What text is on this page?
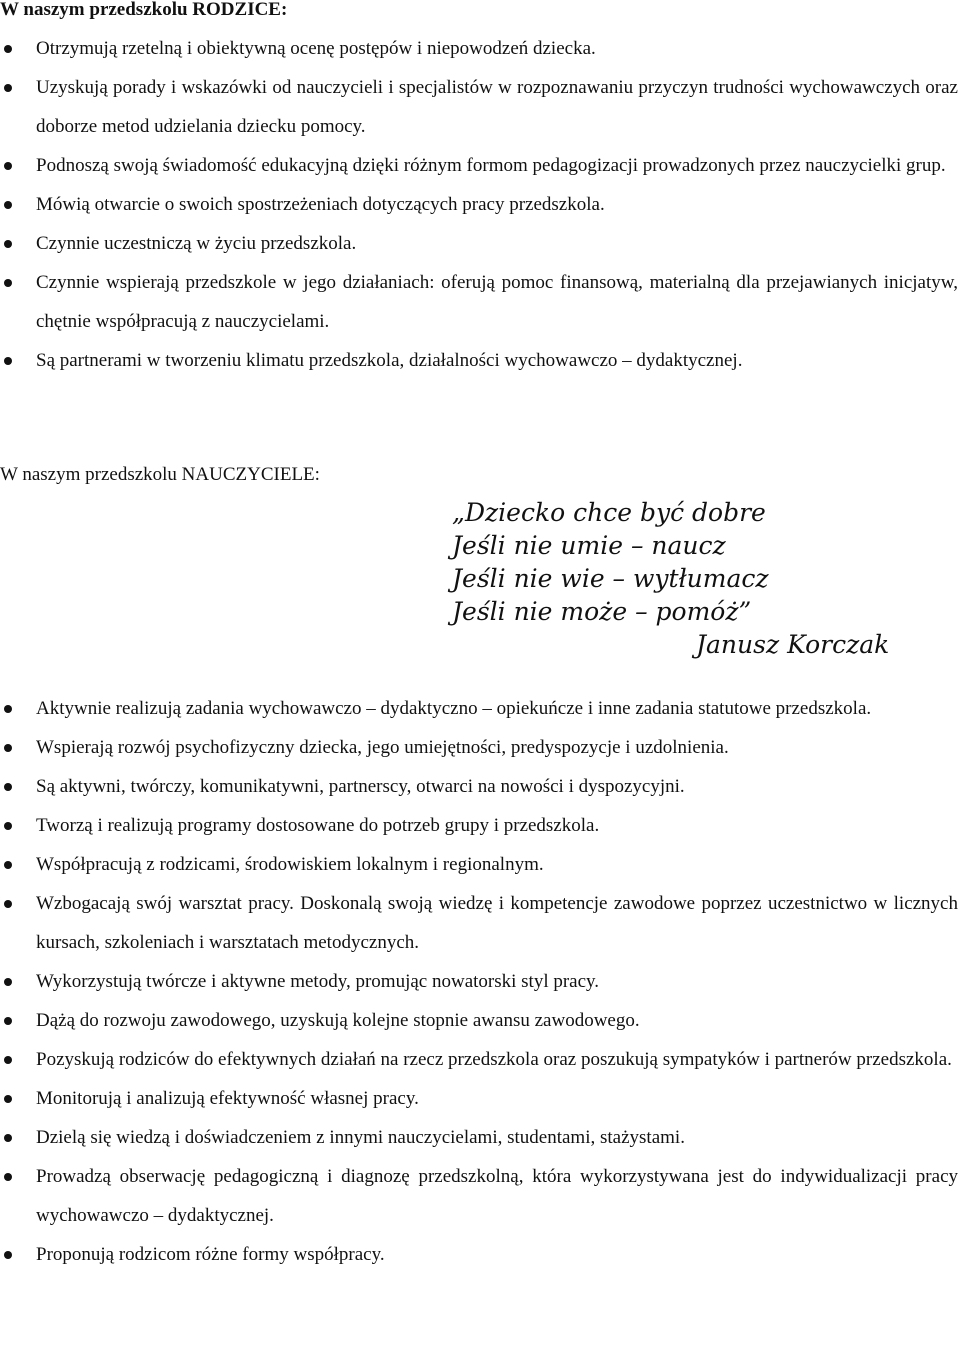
W naszym przedszkolu RODZICE:
Otrzymują rzetelną i obiektywną ocenę postępów i niepowodzeń dziecka.
Uzyskują porady i wskazówki od nauczycieli i specjalistów w rozpoznawaniu przyczyn trudności wychowawczych oraz doborze metod udzielania dziecku pomocy.
Podnoszą swoją świadomość edukacyjną dzięki różnym formom pedagogizacji prowadzonych przez nauczycielki grup.
Mówią otwarcie o swoich spostrzeżeniach dotyczących pracy przedszkola.
Czynnie uczestniczą w życiu przedszkola.
Czynnie wspierają przedszkole w jego działaniach: oferują pomoc finansową, materialną dla przejawianych inicjatyw, chętnie współpracują z nauczycielami.
Są partnerami w tworzeniu klimatu przedszkola, działalności wychowawczo – dydaktycznej.
W naszym przedszkolu NAUCZYCIELE:
„Dziecko chce być dobre
Jeśli nie umie – naucz
Jeśli nie wie – wytłumacz
Jeśli nie może – pomóż”
Janusz Korczak
Aktywnie realizują zadania wychowawczo – dydaktyczno – opiekuńcze i inne zadania statutowe przedszkola.
Wspierają rozwój psychofizyczny dziecka, jego umiejętności, predyspozycje i uzdolnienia.
Są aktywni, twórczy, komunikatywni, partnerscy, otwarci na nowości i dyspozycyjni.
Tworzą i realizują programy dostosowane do potrzeb grupy i przedszkola.
Współpracują z rodzicami, środowiskiem lokalnym i regionalnym.
Wzbogacają swój warsztat pracy. Doskonalą swoją wiedzę i kompetencje zawodowe poprzez uczestnictwo w licznych kursach, szkoleniach i warsztatach metodycznych.
Wykorzystują twórcze i aktywne metody, promując nowatorski styl pracy.
Dążą do rozwoju zawodowego, uzyskują kolejne stopnie awansu zawodowego.
Pozyskują rodziców do efektywnych działań na rzecz przedszkola oraz poszukują sympatyków i partnerów przedszkola.
Monitorują i analizują efektywność własnej pracy.
Dzielą się wiedzą i doświadczeniem z innymi nauczycielami, studentami, stażystami.
Prowadzą obserwację pedagogiczną i diagnozę przedszkolną, która wykorzystywana jest do indywidualizacji pracy wychowawczo – dydaktycznej.
Proponują rodzicom różne formy współpracy.
